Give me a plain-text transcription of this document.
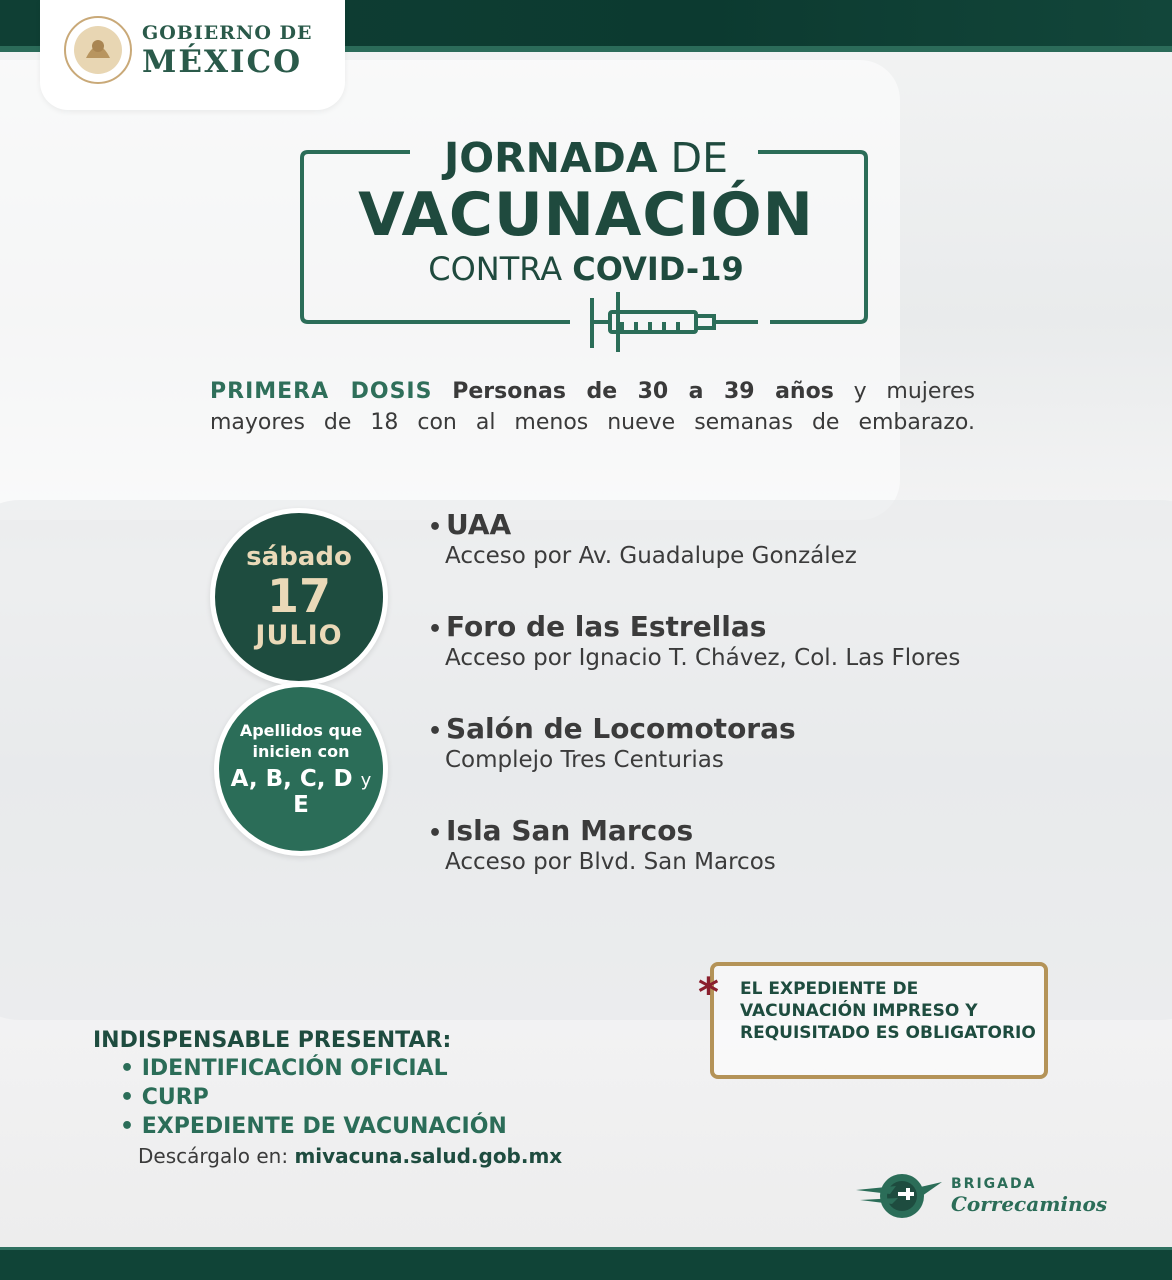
GOBIERNO DE
MÉXICO
JORNADA DE
VACUNACIÓN
CONTRA COVID-19
PRIMERA DOSIS Personas de 30 a 39 años y mujeres
mayores de 18 con al menos nueve semanas de embarazo.
sábado
17
JULIO
Apellidos que inicien con
A, B, C, D y E
• UAA
Acceso por Av. Guadalupe González
• Foro de las Estrellas
Acceso por Ignacio T. Chávez, Col. Las Flores
• Salón de Locomotoras
Complejo Tres Centurias
• Isla San Marcos
Acceso por Blvd. San Marcos
* EL EXPEDIENTE DE VACUNACIÓN IMPRESO Y REQUISITADO ES OBLIGATORIO
INDISPENSABLE PRESENTAR:
• IDENTIFICACIÓN OFICIAL
• CURP
• EXPEDIENTE DE VACUNACIÓN
Descárgalo en: mivacuna.salud.gob.mx
BRIGADA
Correcaminos
